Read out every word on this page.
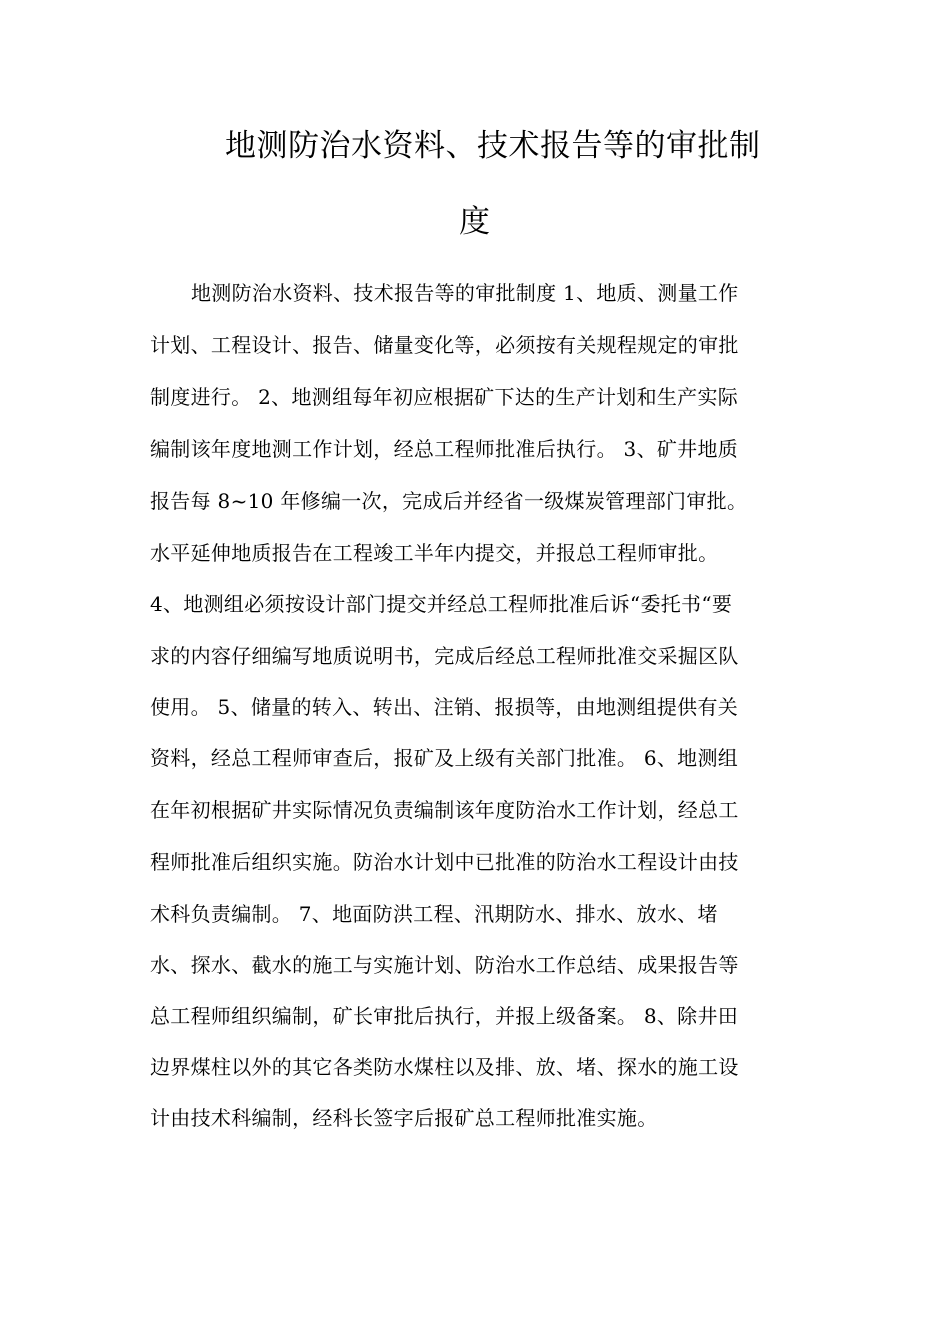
地测防治水资料、技术报告等的审批制
度
地测防治水资料、技术报告等的审批制度 1、地质、测量工作
计划、工程设计、报告、储量变化等，必须按有关规程规定的审批
制度进行。 2、地测组每年初应根据矿下达的生产计划和生产实际
编制该年度地测工作计划，经总工程师批准后执行。 3、矿井地质
报告每 8~10 年修编一次，完成后并经省一级煤炭管理部门审批。
水平延伸地质报告在工程竣工半年内提交，并报总工程师审批。
4、地测组必须按设计部门提交并经总工程师批准后诉“委托书“要
求的内容仔细编写地质说明书，完成后经总工程师批准交采掘区队
使用。 5、储量的转入、转出、注销、报损等，由地测组提供有关
资料，经总工程师审查后，报矿及上级有关部门批准。 6、地测组
在年初根据矿井实际情况负责编制该年度防治水工作计划，经总工
程师批准后组织实施。防治水计划中已批准的防治水工程设计由技
术科负责编制。 7、地面防洪工程、汛期防水、排水、放水、堵
水、探水、截水的施工与实施计划、防治水工作总结、成果报告等
总工程师组织编制，矿长审批后执行，并报上级备案。 8、除井田
边界煤柱以外的其它各类防水煤柱以及排、放、堵、探水的施工设
计由技术科编制，经科长签字后报矿总工程师批准实施。
